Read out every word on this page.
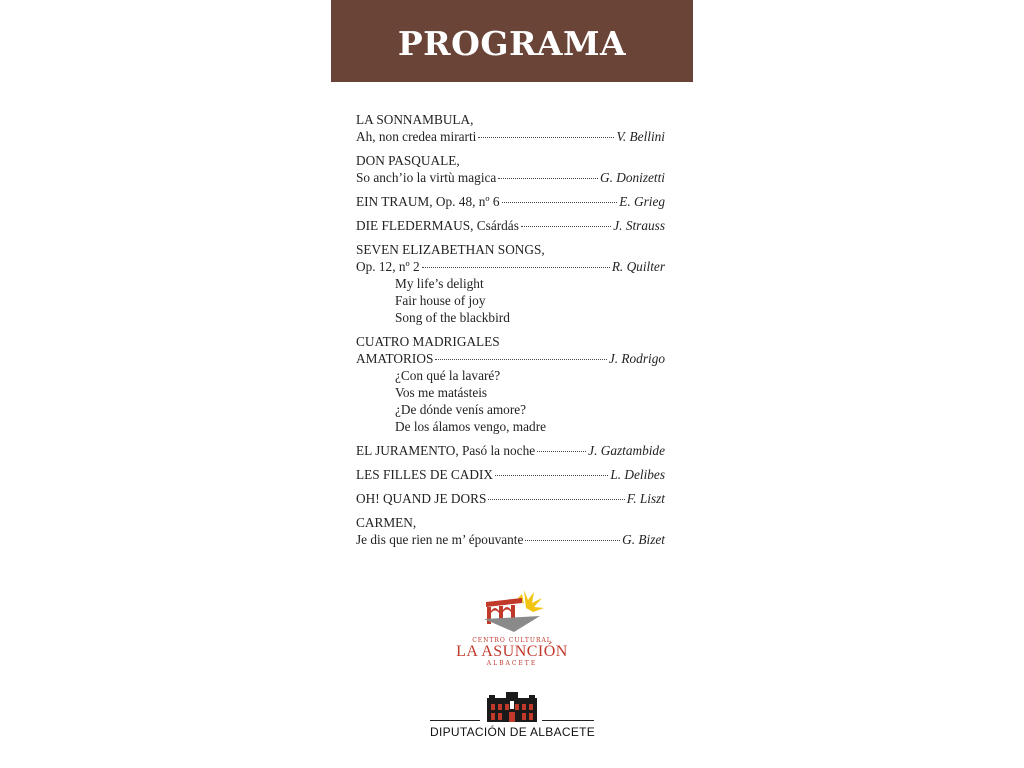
PROGRAMA
LA SONNAMBULA,
Ah, non credea mirarti	V. Bellini
DON PASQUALE,
So anch’io la virtù magica	G. Donizetti
EIN TRAUM, Op. 48, nº 6	E. Grieg
DIE FLEDERMAUS, Csárdás	J. Strauss
SEVEN ELIZABETHAN SONGS,
Op. 12, nº 2	R. Quilter
My life’s delight
Fair house of joy
Song of the blackbird
CUATRO MADRIGALES
AMATORIOS	J. Rodrigo
¿Con qué la lavaré?
Vos me matásteis
¿De dónde venís amore?
De los álamos vengo, madre
EL JURAMENTO, Pasó la noche	J. Gaztambide
LES FILLES DE CADIX	L. Delibes
OH! QUAND JE DORS	F. Liszt
CARMEN,
Je dis que rien ne m’ épouvante	G. Bizet
CENTRO CULTURAL
LA ASUNCIÓN
ALBACETE
DIPUTACIÓN DE ALBACETE
